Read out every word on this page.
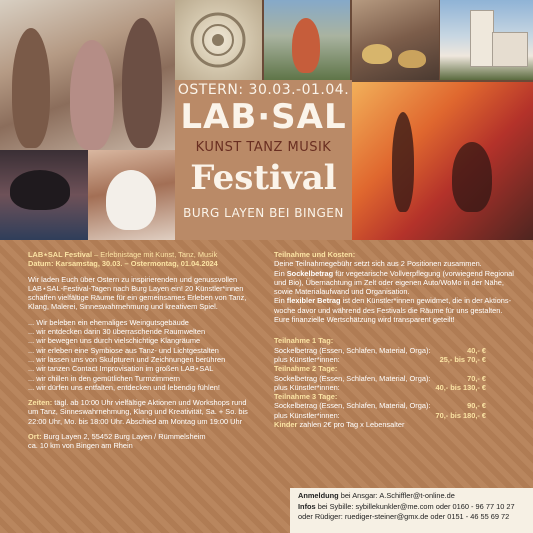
OSTERN: 30.03.-01.04.
LAB·SAL
KUNST TANZ MUSIK
Festival
BURG LAYEN BEI BINGEN
LAB⋆SAL Festival – Erlebnistage mit Kunst, Tanz, Musik
Datum: Karsamstag, 30.03. – Ostermontag, 01.04.2024

Wir laden Euch über Ostern zu inspirierenden und genussvollen

LAB⋆SAL-Festival-Tagen nach Burg Layen ein! 20 Künstler*innen

schaffen vielfältige Räume für ein gemeinsames Erleben von Tanz,

Klang, Malerei, Sinneswahrnehmung und kreativem Spiel.

... Wir beleben ein ehemaliges Weingutsgebäude
... wir entdecken darin 30 überraschende Raumwelten
... wir bewegen uns durch vielschichtige Klangräume
... wir erleben eine Symbiose aus Tanz- und Lichtgestalten
... wir lassen uns von Skulpturen und Zeichnungen berühren
... wir tanzen Contact Improvisation im großen LAB⋆SAL
... wir chillen in den gemütlichen Turmzimmern
... wir dürfen uns entfalten, entdecken und lebendig fühlen!
Zeiten: tägl. ab 10:00 Uhr vielfältige Aktionen und Workshops rund
um Tanz, Sinneswahrnehmung, Klang und Kreativität, Sa. + So. bis
22:00 Uhr, Mo. bis 18:00 Uhr. Abschied am Montag um 19:00 Uhr
Ort: Burg Layen 2, 55452 Burg Layen / Rümmelsheim
ca. 10 km von Bingen am Rhein
Teilnahme und Kosten:
Deine Teilnahmegebühr setzt sich aus 2 Positionen zusammen.
Ein Sockelbetrag für vegetarische Vollverpflegung (vorwiegend Regional
und Bio), Übernachtung im Zelt oder eigenen Auto/WoMo in der Nähe,
sowie Materialaufwand und Organisation.
Ein flexibler Betrag ist den Künstler*innen gewidmet, die in der Aktions-
woche davor und während des Festivals die Räume für uns gestalten.
Eure finanzielle Wertschätzung wird transparent geteilt!
Teilnahme 1 Tag:
Sockelbetrag (Essen, Schlafen, Material, Orga):	40,- €
plus Künstler*innen:	25,- bis 70,- €
Teilnahme 2 Tage:
Sockelbetrag (Essen, Schlafen, Material, Orga):	70,- €
plus Künstler*innen:	40,- bis 130,- €
Teilnahme 3 Tage:
Sockelbetrag (Essen, Schlafen, Material, Orga):	90,- €
plus Künstler*innen:	70,- bis 180,- €
Kinder zahlen 2€ pro Tag x Lebensalter
Anmeldung bei Ansgar: A.Schiffler@t-online.de
Infos bei Sybille: sybillekunkler@me.com oder 0160 - 96 77 10 27
oder Rüdiger: ruediger-steiner@gmx.de oder 0151 - 46 55 69 72
